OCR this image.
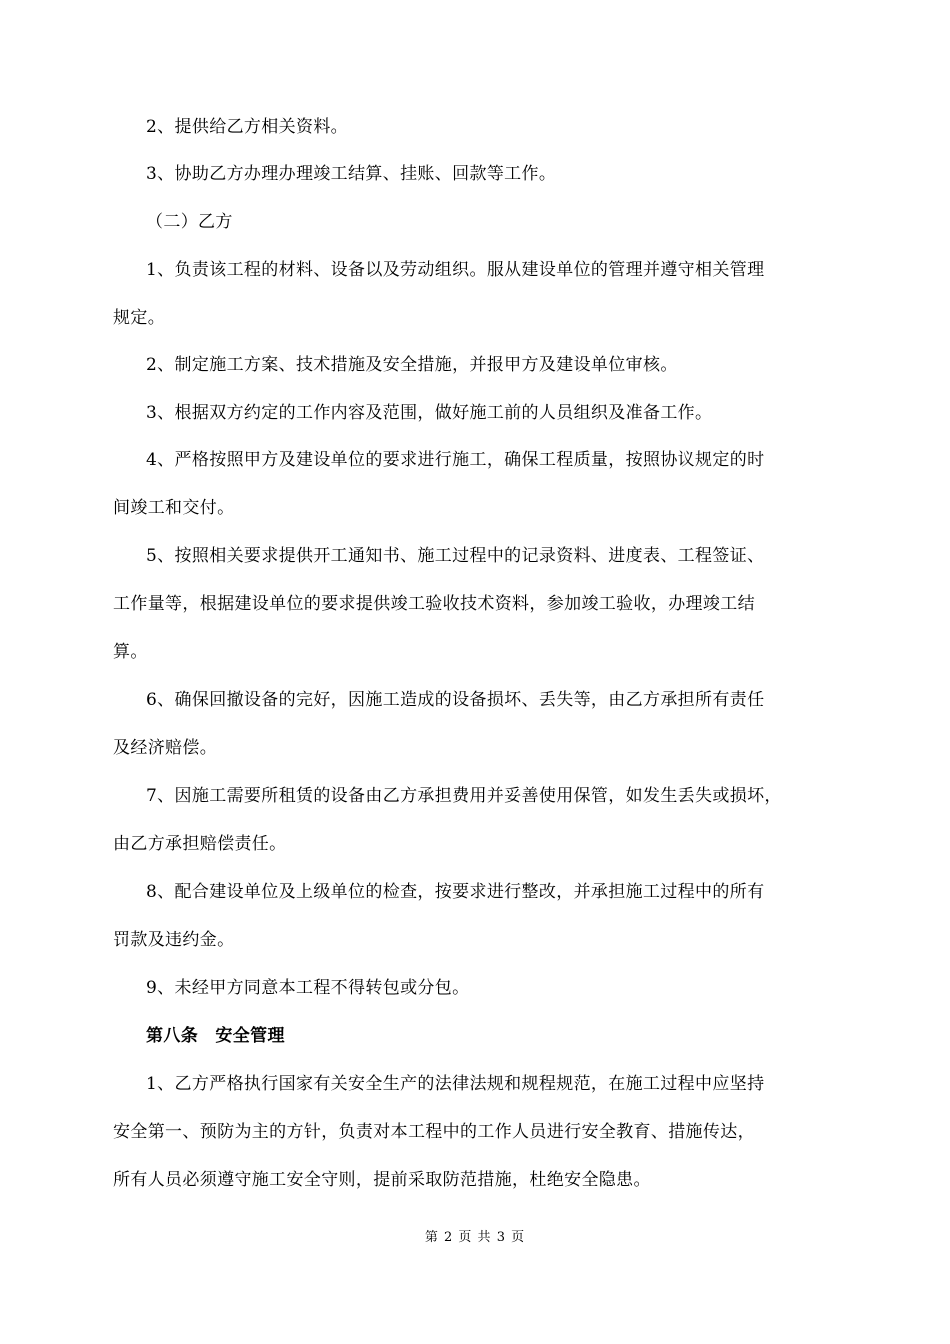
2、提供给乙方相关资料。
3、协助乙方办理办理竣工结算、挂账、回款等工作。
（二）乙方
1、负责该工程的材料、设备以及劳动组织。服从建设单位的管理并遵守相关管理
规定。
2、制定施工方案、技术措施及安全措施，并报甲方及建设单位审核。
3、根据双方约定的工作内容及范围，做好施工前的人员组织及准备工作。
4、严格按照甲方及建设单位的要求进行施工，确保工程质量，按照协议规定的时
间竣工和交付。
5、按照相关要求提供开工通知书、施工过程中的记录资料、进度表、工程签证、
工作量等，根据建设单位的要求提供竣工验收技术资料，参加竣工验收，办理竣工结
算。
6、确保回撤设备的完好，因施工造成的设备损坏、丢失等，由乙方承担所有责任
及经济赔偿。
7、因施工需要所租赁的设备由乙方承担费用并妥善使用保管，如发生丢失或损坏，
由乙方承担赔偿责任。
8、配合建设单位及上级单位的检查，按要求进行整改，并承担施工过程中的所有
罚款及违约金。
9、未经甲方同意本工程不得转包或分包。
第八条　安全管理
1、乙方严格执行国家有关安全生产的法律法规和规程规范，在施工过程中应坚持
安全第一、预防为主的方针，负责对本工程中的工作人员进行安全教育、措施传达，
所有人员必须遵守施工安全守则，提前采取防范措施，杜绝安全隐患。
第 2 页 共 3 页
